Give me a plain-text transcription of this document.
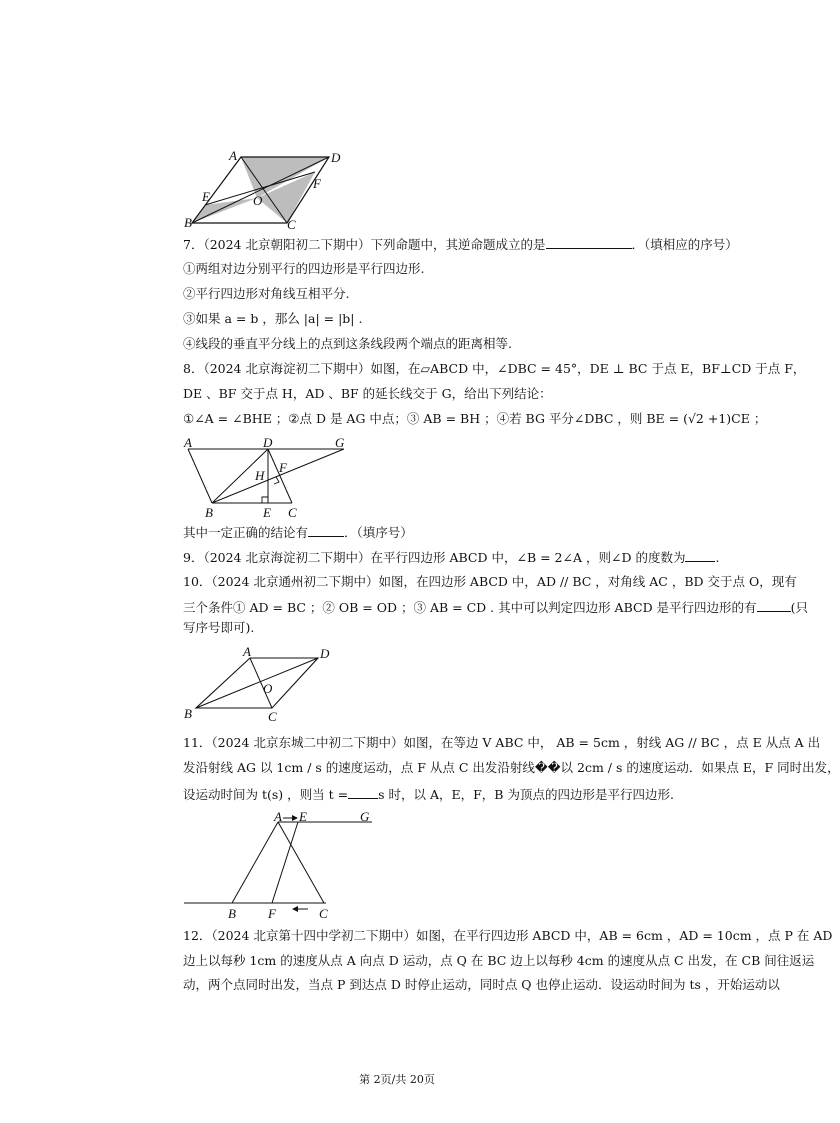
A	D
E
F
O
B	C
7．（2024 北京朝阳初二下期中）下列命题中，其逆命题成立的是	．（填相应的序号）
①两组对边分别平行的四边形是平行四边形.
②平行四边形对角线互相平分.
③如果 a = b ，那么 |a| = |b| .
④线段的垂直平分线上的点到这条线段两个端点的距离相等.
8．（2024 北京海淀初二下期中）如图，在▱ABCD 中，∠DBC = 45°，DE ⊥ BC 于点 E，BF⊥CD 于点 F，
DE 、BF 交于点 H，AD 、BF 的延长线交于 G，给出下列结论：
①∠A = ∠BHE ；②点 D 是 AG 中点；③ AB = BH ；④若 BG 平分∠DBC ，则 BE = (√2 +1)CE ；
A	D	G
H
F
B	E C
其中一定正确的结论有	．（填序号）
9．（2024 北京海淀初二下期中）在平行四边形 ABCD 中，∠B = 2∠A ，则∠D 的度数为 .
10．（2024 北京通州初二下期中）如图，在四边形 ABCD 中，AD // BC ，对角线 AC ，BD 交于点 O，现有
三个条件① AD = BC ；② OB = OD ；③ AB = CD . 其中可以判定四边形 ABCD 是平行四边形的有	(只
写序号即可).
A	D
O
B	C
11．（2024 北京东城二中初二下期中）如图，在等边 V ABC 中， AB = 5cm ，射线 AG // BC ，点 E 从点 A 出
发沿射线 AG 以 1cm / s 的速度运动，点 F 从点 C 出发沿射线��以 2cm / s 的速度运动．如果点 E，F 同时出发，
设运动时间为 t(s) ，则当 t = s 时，以 A，E，F，B 为顶点的四边形是平行四边形.
A E	G
B F	C
12．（2024 北京第十四中学初二下期中）如图，在平行四边形 ABCD 中，AB = 6cm ，AD = 10cm ，点 P 在 AD
边上以每秒 1cm 的速度从点 A 向点 D 运动，点 Q 在 BC 边上以每秒 4cm 的速度从点 C 出发，在 CB 间往返运
动，两个点同时出发，当点 P 到达点 D 时停止运动，同时点 Q 也停止运动．设运动时间为 ts ，开始运动以
第 2页/共 20页
